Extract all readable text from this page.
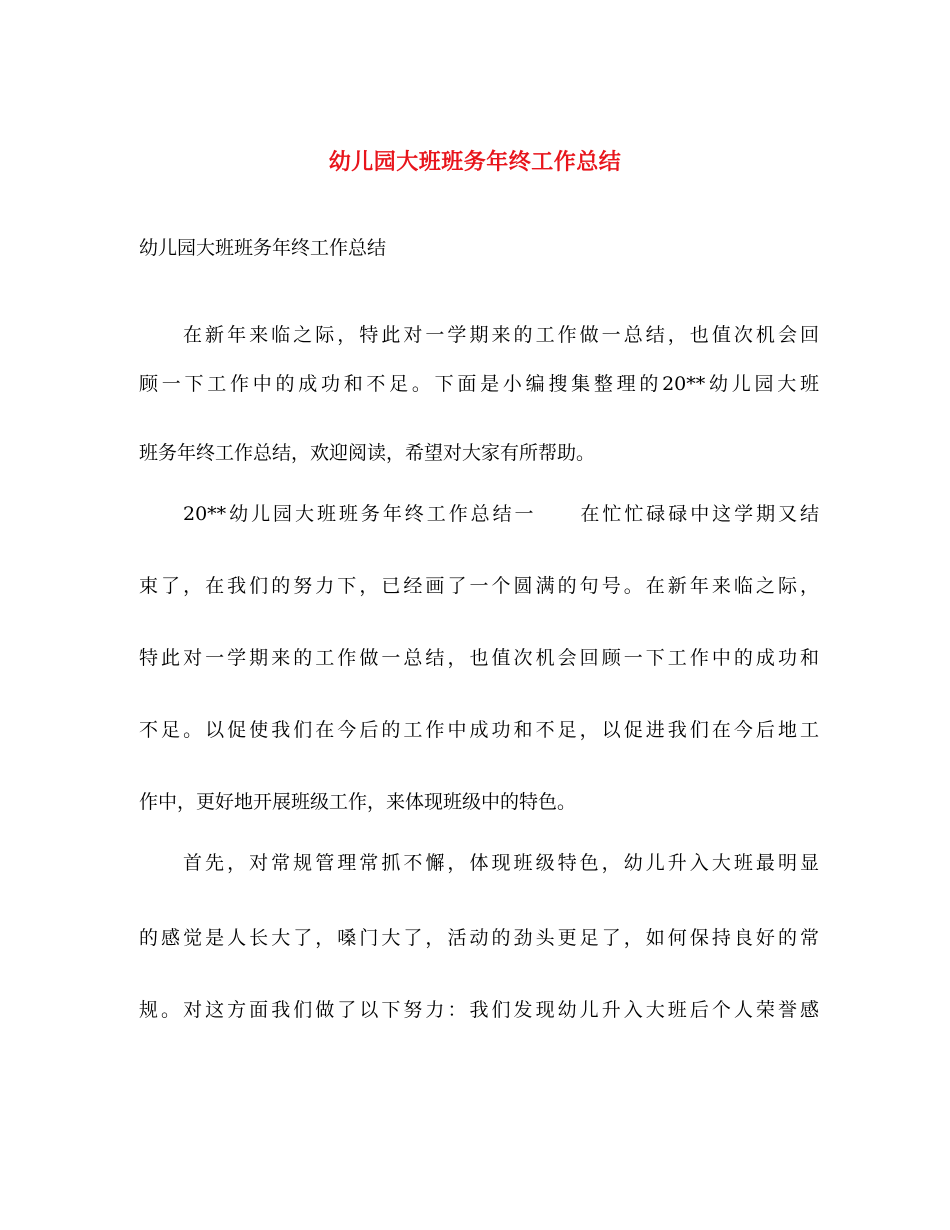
幼儿园大班班务年终工作总结
幼儿园大班班务年终工作总结
在新年来临之际，特此对一学期来的工作做一总结，也值次机会回
顾一下工作中的成功和不足。下面是小编搜集整理的20**幼儿园大班
班务年终工作总结，欢迎阅读，希望对大家有所帮助。
20**幼儿园大班班务年终工作总结一　　在忙忙碌碌中这学期又结
束了，在我们的努力下，已经画了一个圆满的句号。在新年来临之际，
特此对一学期来的工作做一总结，也值次机会回顾一下工作中的成功和
不足。以促使我们在今后的工作中成功和不足，以促进我们在今后地工
作中，更好地开展班级工作，来体现班级中的特色。
首先，对常规管理常抓不懈，体现班级特色，幼儿升入大班最明显
的感觉是人长大了，嗓门大了，活动的劲头更足了，如何保持良好的常
规。对这方面我们做了以下努力：我们发现幼儿升入大班后个人荣誉感
